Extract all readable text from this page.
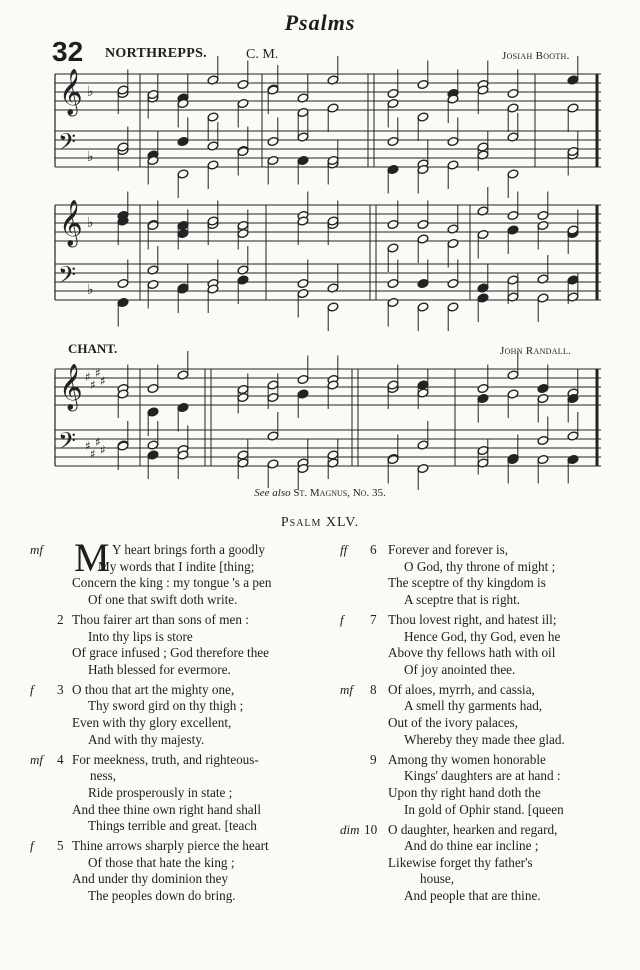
Psalms
32 NORTHREPPS.	C. M.	Josiah Booth.
CHANT.	John Randall.
𝄞
𝄢
♭
♭
𝄞
𝄢
♭
♭
𝄞
𝄢
♯
♯
♯
♯
♯
♯
♯
♯
See also St. Magnus, No. 35.
Psalm XLV.
mf M Y heart brings forth a goodly
My words that I indite [thing;
Concern the king : my tongue 's a pen
Of one that swift doth write.
2 Thou fairer art than sons of men :
Into thy lips is store
Of grace infused ; God therefore thee
Hath blessed for evermore.
f 3 O thou that art the mighty one,
Thy sword gird on thy thigh ;
Even with thy glory excellent,
And with thy majesty.
mf 4 For meekness, truth, and righteous-
ness,
Ride prosperously in state ;
And thee thine own right hand shall
Things terrible and great. [teach
f 5 Thine arrows sharply pierce the heart
Of those that hate the king ;
And under thy dominion they
The peoples down do bring.
ff 6 Forever and forever is,
O God, thy throne of might ;
The sceptre of thy kingdom is
A sceptre that is right.
f 7 Thou lovest right, and hatest ill;
Hence God, thy God, even he
Above thy fellows hath with oil
Of joy anointed thee.
mf 8 Of aloes, myrrh, and cassia,
A smell thy garments had,
Out of the ivory palaces,
Whereby they made thee glad.
9 Among thy women honorable
Kings' daughters are at hand :
Upon thy right hand doth the
In gold of Ophir stand. [queen
dim 10 O daughter, hearken and regard,
And do thine ear incline ;
Likewise forget thy father's
house,
And people that are thine.
